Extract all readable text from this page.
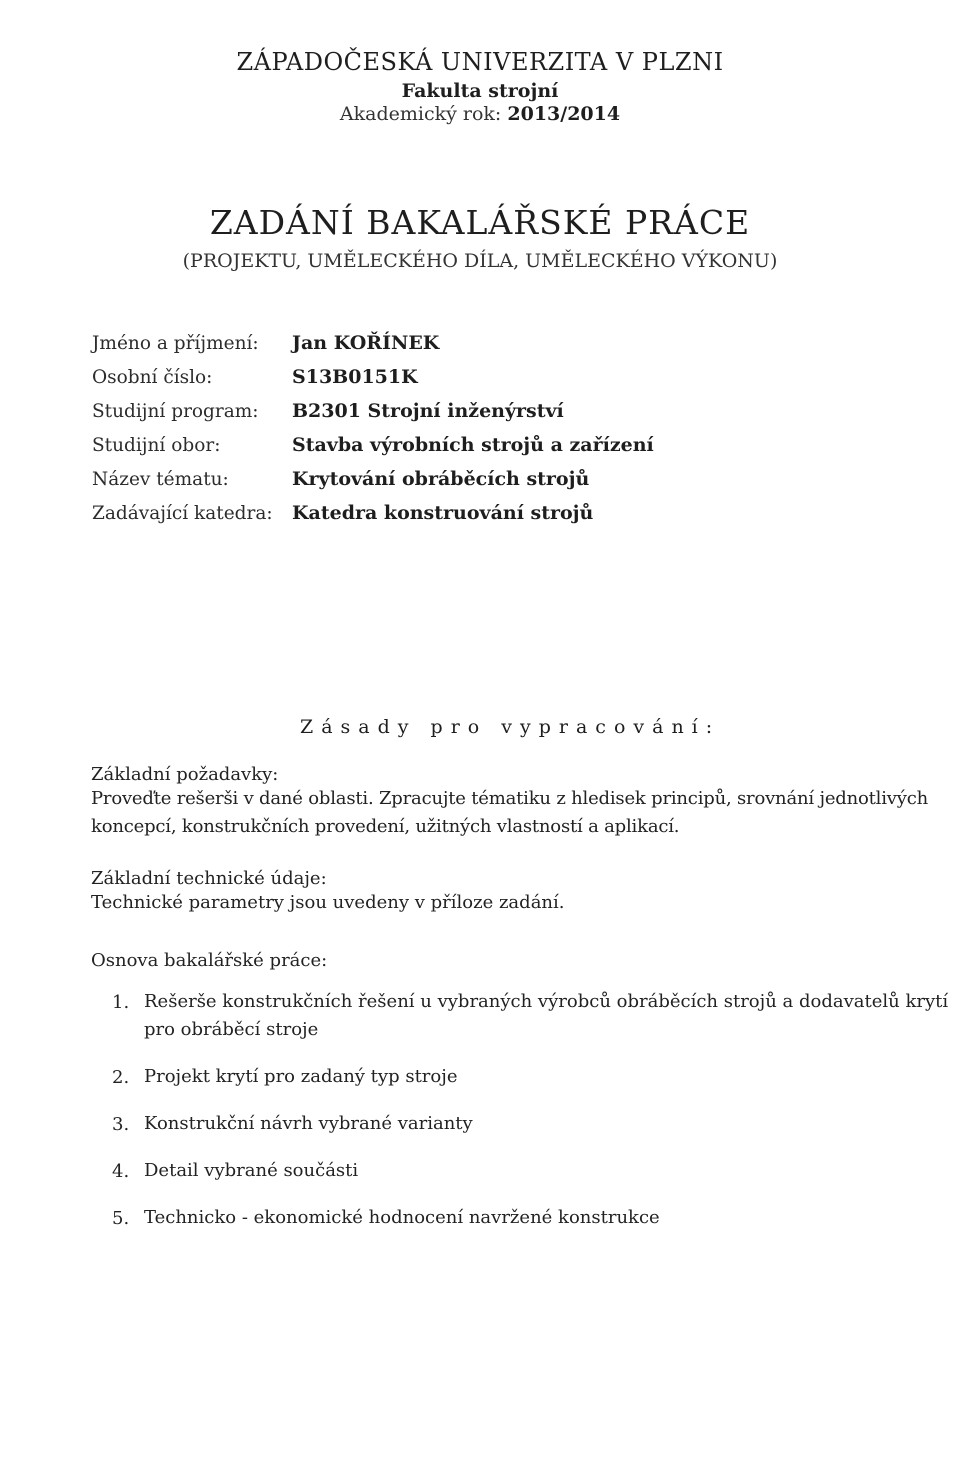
ZÁPADOČESKÁ UNIVERZITA V PLZNI
Fakulta strojní
Akademický rok: 2013/2014
ZADÁNÍ BAKALÁŘSKÉ PRÁCE
(PROJEKTU, UMĚLECKÉHO DÍLA, UMĚLECKÉHO VÝKONU)
Jméno a příjmení:	Jan KOŘÍNEK
Osobní číslo:	S13B0151K
Studijní program:	B2301 Strojní inženýrství
Studijní obor:	Stavba výrobních strojů a zařízení
Název tématu:	Krytování obráběcích strojů
Zadávající katedra:	Katedra konstruování strojů
Zásady pro vypracování:
Základní požadavky:
Proveďte rešerši v dané oblasti. Zpracujte tématiku z hledisek principů, srovnání jednotlivých
koncepcí, konstrukčních provedení, užitných vlastností a aplikací.
Základní technické údaje:
Technické parametry jsou uvedeny v příloze zadání.
Osnova bakalářské práce:
1. Rešerše konstrukčních řešení u vybraných výrobců obráběcích strojů a dodavatelů krytí
pro obráběcí stroje
2. Projekt krytí pro zadaný typ stroje
3. Konstrukční návrh vybrané varianty
4. Detail vybrané součásti
5. Technicko - ekonomické hodnocení navržené konstrukce
